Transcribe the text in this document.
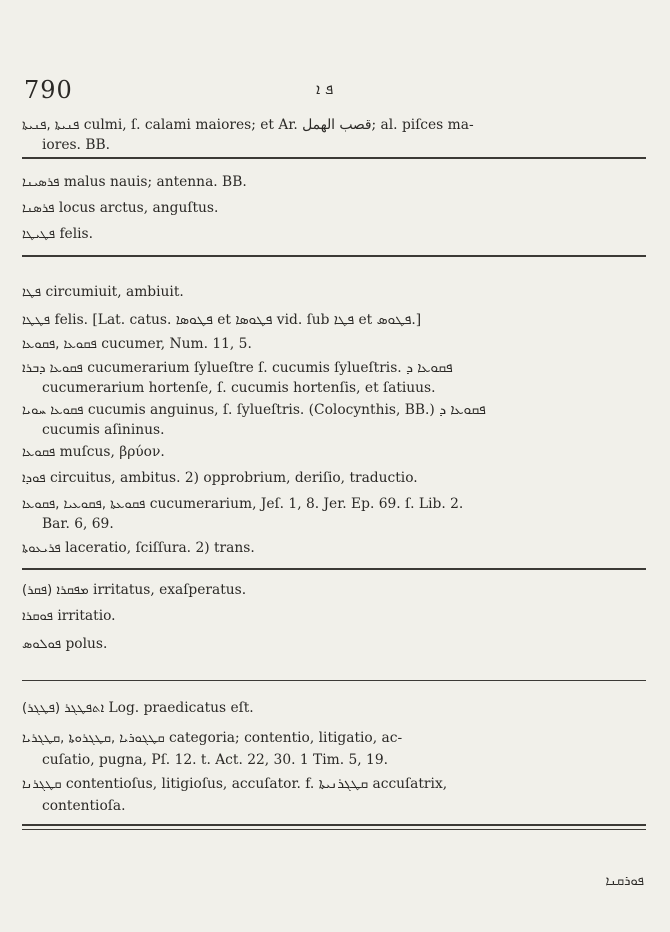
790	ܦ ܐ
ܦܢܝܬܐ ,ܦܢܝܬܐ culmi, ſ. calami maiores; et Ar. قصب الهمل; al. piſces ma-
iores. BB.
ܦܪܣܝܢܐ malus nauis; antenna. BB.
ܦܪܣܢܐ locus arctus, anguſtus.
ܦܛܝܛܐ felis.
ܦܛܐ circumiuit, ambiuit.
ܦܛܛܐ felis. [Lat. catus. ܦܛܘܣܐ et ܦܛܘܣܐ vid. ſub ܦܛܐ et ܦܛܘܣ.]
ܦܩܘܥܐ ,ܦܩܘܥܐ cucumer, Num. 11, 5.
ܦܩܘܥܐ ܕܒܪܐ cucumerarium ſylueſtre ſ. cucumis ſylueſtris. ܦܩܘܥܐ ܕ
cucumerarium hortenſe, ſ. cucumis hortenſis, et ſatiuus.
ܦܩܘܥܐ ܚܘܝܐ cucumis anguinus, ſ. ſylueſtris. (Colocynthis, BB.) ܦܩܘܥܐ ܕ
cucumis aſininus.
ܦܩܘܥܐ muſcus, βρύον.
ܦܘܕܐ circuitus, ambitus. 2) opprobrium, deriſio, traductio.
ܦܩܘܥܬܐ ,ܦܩܘܥܝܐ ,ܦܩܘܥܐ cucumerarium, Jeſ. 1, 8. Jer. Ep. 69. ſ. Lib. 2.
Bar. 6, 69.
ܦܪܝܥܘܬܐ laceratio, ſciſſura. 2) trans.
(ܦܩܪ) ܡܦܩܪܐ irritatus, exaſperatus.
ܦܘܩܪܐ irritatio.
ܦܘܠܘܣ polus.
(ܦܛܓܪ) ܐܬܦܛܓܪ Log. praedicatus eſt.
ܩܛܓܘܪܝܐ ,ܩܛܓܪܘܬܐ ,ܩܛܓܪܝܐ categoria; contentio, litigatio, ac-
cuſatio, pugna, Pſ. 12. t. Act. 22, 30. 1 Tim. 5, 19.
ܩܛܓܪܢܐ contentioſus, litigioſus, accuſator. f. ܩܛܓܪܢܝܬܐ accuſatrix,
contentioſa.
ܦܘܪܩܢܐ
